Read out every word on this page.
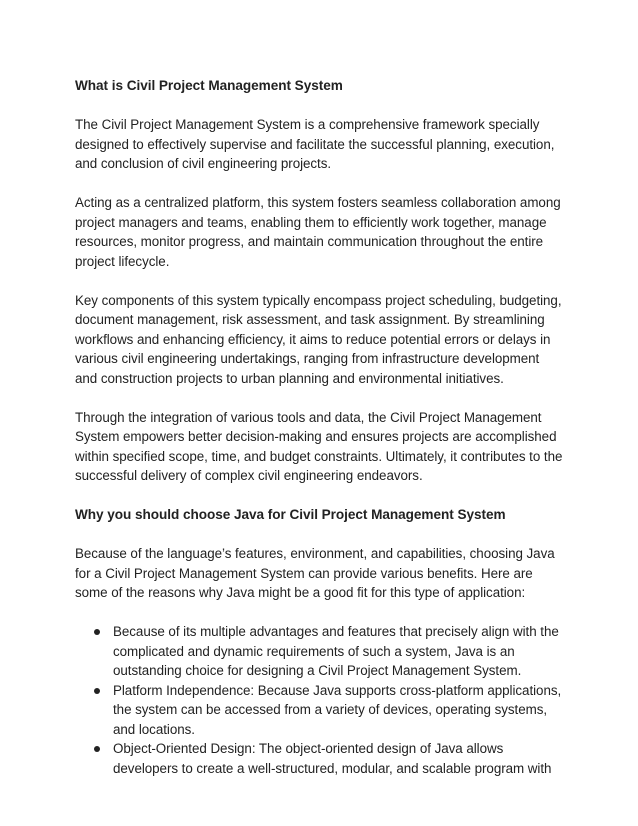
What is Civil Project Management System

The Civil Project Management System is a comprehensive framework specially designed to effectively supervise and facilitate the successful planning, execution, and conclusion of civil engineering projects.

Acting as a centralized platform, this system fosters seamless collaboration among project managers and teams, enabling them to efficiently work together, manage resources, monitor progress, and maintain communication throughout the entire project lifecycle.

Key components of this system typically encompass project scheduling, budgeting, document management, risk assessment, and task assignment. By streamlining workflows and enhancing efficiency, it aims to reduce potential errors or delays in various civil engineering undertakings, ranging from infrastructure development and construction projects to urban planning and environmental initiatives.

Through the integration of various tools and data, the Civil Project Management System empowers better decision-making and ensures projects are accomplished within specified scope, time, and budget constraints. Ultimately, it contributes to the successful delivery of complex civil engineering endeavors.

Why you should choose Java for Civil Project Management System

Because of the language’s features, environment, and capabilities, choosing Java for a Civil Project Management System can provide various benefits. Here are some of the reasons why Java might be a good fit for this type of application:

Because of its multiple advantages and features that precisely align with the complicated and dynamic requirements of such a system, Java is an outstanding choice for designing a Civil Project Management System.
Platform Independence: Because Java supports cross-platform applications, the system can be accessed from a variety of devices, operating systems, and locations.
Object-Oriented Design: The object-oriented design of Java allows developers to create a well-structured, modular, and scalable program with
